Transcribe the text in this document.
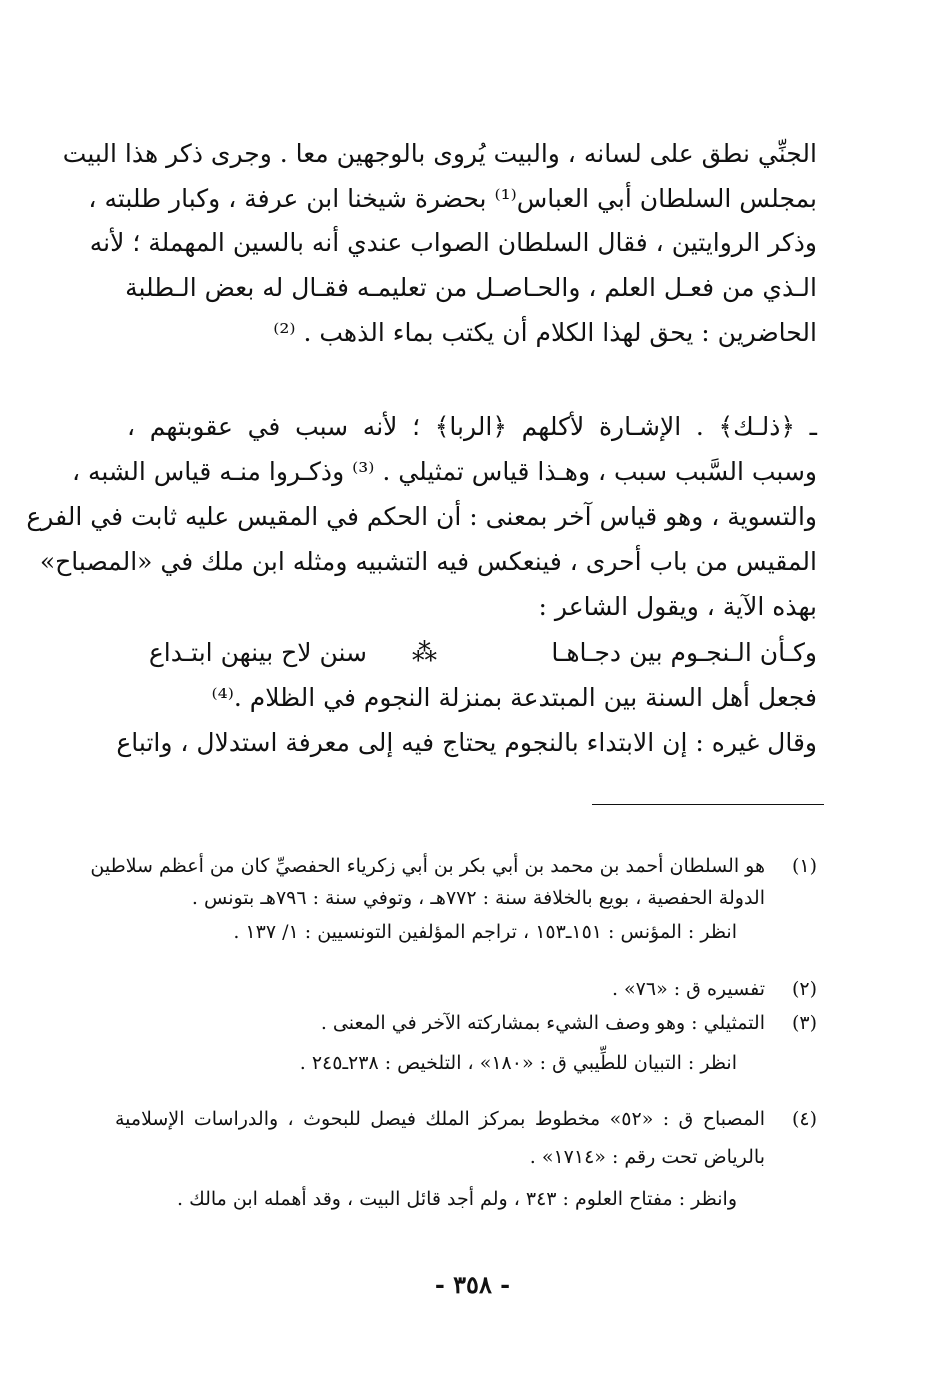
الجنِّي نطق على لسانه ، والبيت يُروى بالوجهين معا . وجرى ذكر هذا البيت
بمجلس السلطان أبي العباس⁽¹⁾ بحضرة شيخنا ابن عرفة ، وكبار طلبته ،
وذكر الروايتين ، فقال السلطان الصواب عندي أنه بالسين المهملة ؛ لأنه
الـذي من فعـل العلم ، والحـاصـل من تعليمـه فقـال له بعض الـطلبة
الحاضرين : يحق لهذا الكلام أن يكتب بماء الذهب . ⁽²⁾
ـ ﴿ذلـك﴾ . الإشـارة لأكلهم ﴿الربا﴾ ؛ لأنه سبب في عقوبتهم ،
وسبب السَّبب سبب ، وهـذا قياس تمثيلي . ⁽³⁾ وذكـروا منـه قياس الشبه ،
والتسوية ، وهو قياس آخر بمعنى : أن الحكم في المقيس عليه ثابت في الفرع
المقيس من باب أحرى ، فينعكس فيه التشبيه ومثله ابن ملك في «المصباح»
بهذه الآية ، ويقول الشاعر :
وكـأن الـنجـوم بين دجـاهـا
⁂
سنن لاح بينهن ابتـداع
فجعل أهل السنة بين المبتدعة بمنزلة النجوم في الظلام .⁽⁴⁾
وقال غيره : إن الابتداء بالنجوم يحتاج فيه إلى معرفة استدلال ، واتباع
(١)
هو السلطان أحمد بن محمد بن أبي بكر بن أبي زكرياء الحفصيِّ كان من أعظم سلاطين
الدولة الحفصية ، بويع بالخلافة سنة : ٧٧٢هـ ، وتوفي سنة : ٧٩٦هـ بتونس .
انظر : المؤنس : ١٥١ـ١٥٣ ، تراجم المؤلفين التونسيين : ١/ ١٣٧ .
(٢)
تفسيره ق : «٧٦» .
(٣)
التمثيلي : وهو وصف الشيء بمشاركته الآخر في المعنى .
انظر : التبيان للطِّيبي ق : «١٨٠» ، التلخيص : ٢٣٨ـ٢٤٥ .
(٤)
المصباح ق : «٥٢» مخطوط بمركز الملك فيصل للبحوث ، والدراسات الإسلامية
بالرياض تحت رقم : «١٧١٤» .
وانظر : مفتاح العلوم : ٣٤٣ ، ولم أجد قائل البيت ، وقد أهمله ابن مالك .
- ٣٥٨ -
